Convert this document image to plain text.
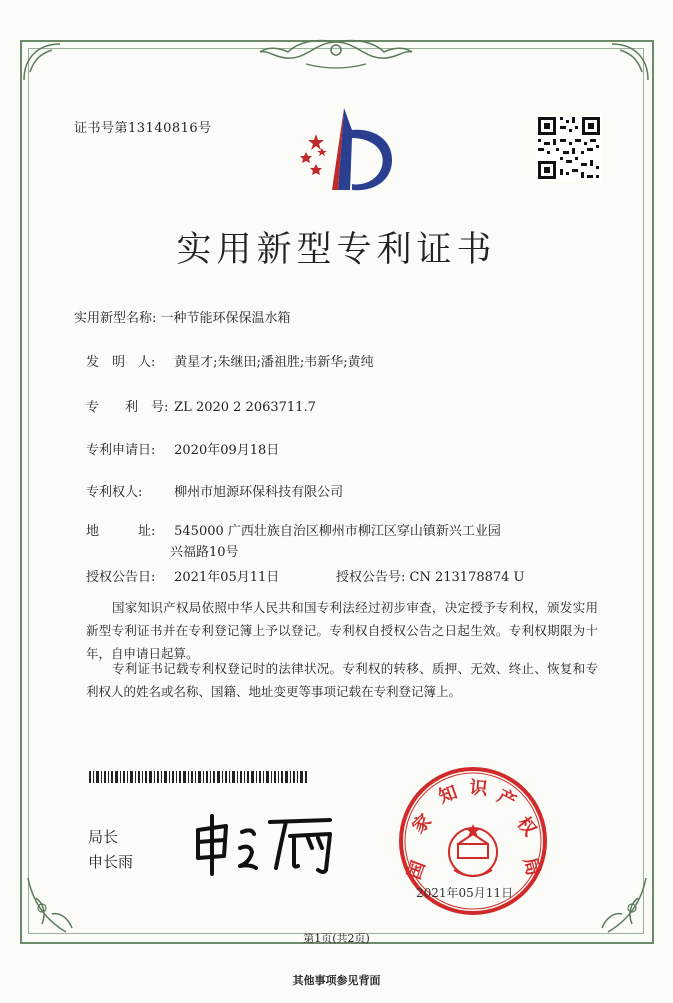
证书号第13140816号
实用新型专利证书
实用新型名称: 一种节能环保保温水箱
发　明　人: 黄星才;朱继田;潘祖胜;韦新华;黄纯
专　　利　号: ZL 2020 2 2063711.7
专利申请日: 2020年09月18日
专利权人: 柳州市旭源环保科技有限公司
地　　　址: 545000 广西壮族自治区柳州市柳江区穿山镇新兴工业园
兴福路10号
授权公告日: 2021年05月11日	授权公告号: CN 213178874 U
国家知识产权局依照中华人民共和国专利法经过初步审查，决定授予专利权，颁发实用新型专利证书并在专利登记簿上予以登记。专利权自授权公告之日起生效。专利权期限为十年，自申请日起算。
专利证书记载专利权登记时的法律状况。专利权的转移、质押、无效、终止、恢复和专利权人的姓名或名称、国籍、地址变更等事项记载在专利登记簿上。
局长
申长雨	国
家
知 识 产
权
局
2021年05月11日
第1页(共2页)
其他事项参见背面
